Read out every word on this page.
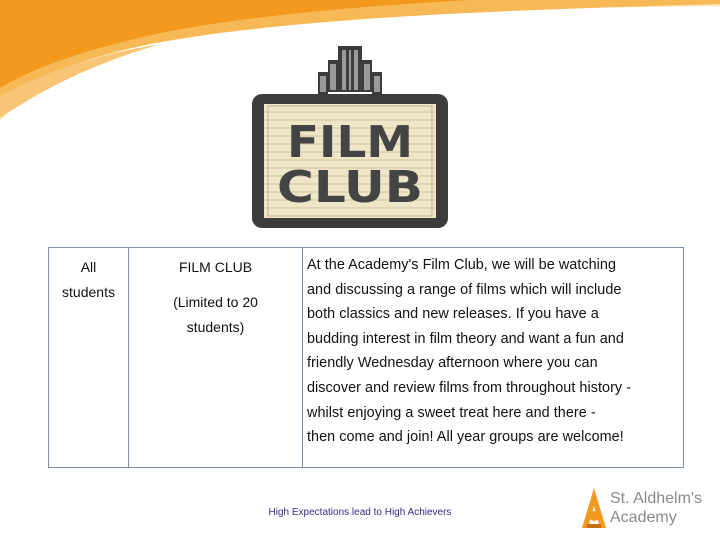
FILM
CLUB
All
students
FILM CLUB
(Limited to 20
students)
At the Academy's Film Club, we will be watching
and discussing a range of films which will include
both classics and new releases. If you have a
budding interest in film theory and want a fun and
friendly Wednesday afternoon where you can
discover and review films from throughout history -
whilst enjoying a sweet treat here and there -
then come and join! All year groups are welcome!
High Expectations lead to High Achievers
St. Aldhelm's
Academy
